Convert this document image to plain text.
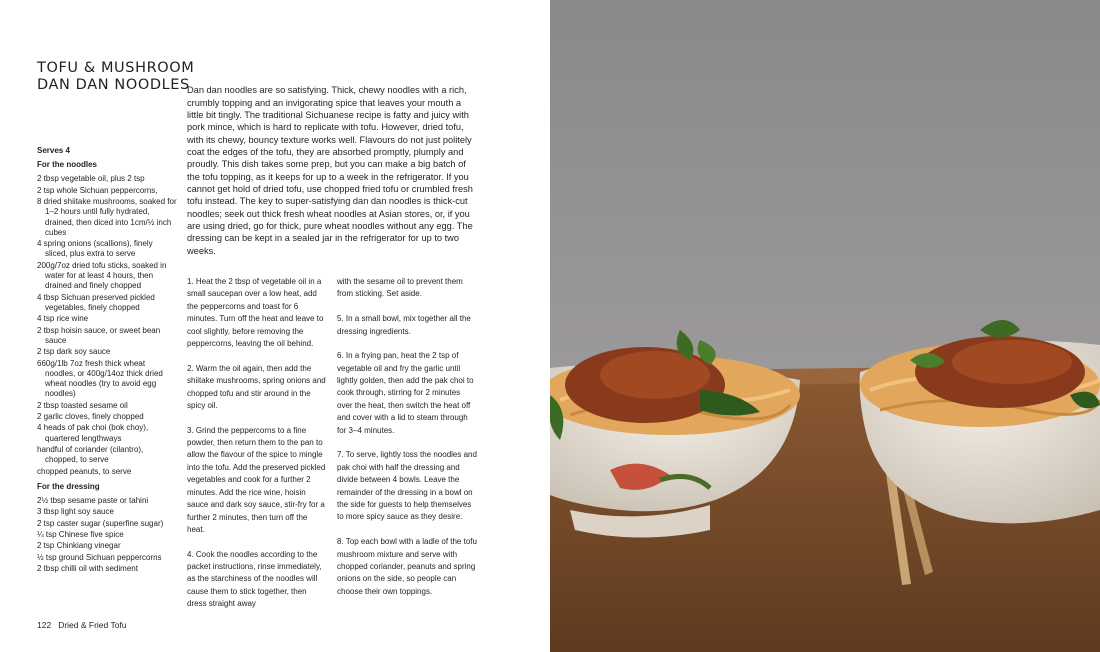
TOFU & MUSHROOM
DAN DAN NOODLES

Dan dan noodles are so satisfying. Thick, chewy noodles with a rich, crumbly topping and an invigorating spice that leaves your mouth a little bit tingly. The traditional Sichuanese recipe is fatty and juicy with pork mince, which is hard to replicate with tofu. However, dried tofu, with its chewy, bouncy texture works well. Flavours do not just politely coat the edges of the tofu, they are absorbed promptly, plumply and proudly. This dish takes some prep, but you can make a big batch of the tofu topping, as it keeps for up to a week in the refrigerator. If you cannot get hold of dried tofu, use chopped fried tofu or crumbled fresh tofu instead. The key to super-satisfying dan dan noodles is thick-cut noodles; seek out thick fresh wheat noodles at Asian stores, or, if you are using dried, go for thick, pure wheat noodles without any egg. The dressing can be kept in a sealed jar in the refrigerator for up to two weeks.

Serves 4
For the noodles
2 tbsp vegetable oil, plus 2 tsp
2 tsp whole Sichuan peppercorns,
8 dried shiitake mushrooms, soaked for 1–2 hours until fully hydrated, drained, then diced into 1cm/½ inch cubes
4 spring onions (scallions), finely sliced, plus extra to serve
200g/7oz dried tofu sticks, soaked in water for at least 4 hours, then drained and finely chopped
4 tbsp Sichuan preserved pickled vegetables, finely chopped
4 tsp rice wine
2 tbsp hoisin sauce, or sweet bean sauce
2 tsp dark soy sauce
660g/1lb 7oz fresh thick wheat noodles, or 400g/14oz thick dried wheat noodles (try to avoid egg noodles)
2 tbsp toasted sesame oil
2 garlic cloves, finely chopped
4 heads of pak choi (bok choy), quartered lengthways
handful of coriander (cilantro), chopped, to serve
chopped peanuts, to serve
For the dressing
2½ tbsp sesame paste or tahini
3 tbsp light soy sauce
2 tsp caster sugar (superfine sugar)
¼ tsp Chinese five spice
2 tsp Chinkiang vinegar
½ tsp ground Sichuan peppercorns
2 tbsp chilli oil with sediment

1. Heat the 2 tbsp of vegetable oil in a small saucepan over a low heat, add the peppercorns and toast for 6 minutes. Turn off the heat and leave to cool slightly, before removing the peppercorns, leaving the oil behind.

2. Warm the oil again, then add the shiitake mushrooms, spring onions and chopped tofu and stir around in the spicy oil.

3. Grind the peppercorns to a fine powder, then return them to the pan to allow the flavour of the spice to mingle into the tofu. Add the preserved pickled vegetables and cook for a further 2 minutes. Add the rice wine, hoisin sauce and dark soy sauce, stir-fry for a further 2 minutes, then turn off the heat.

4. Cook the noodles according to the packet instructions, rinse immediately, as the starchiness of the noodles will cause them to stick together, then dress straight away

with the sesame oil to prevent them from sticking. Set aside.

5. In a small bowl, mix together all the dressing ingredients.

6. In a frying pan, heat the 2 tsp of vegetable oil and fry the garlic until lightly golden, then add the pak choi to cook through, stirring for 2 minutes over the heat, then switch the heat off and cover with a lid to steam through for 3–4 minutes.

7. To serve, lightly toss the noodles and pak choi with half the dressing and divide between 4 bowls. Leave the remainder of the dressing in a bowl on the side for guests to help themselves to more spicy sauce as they desire.

8. Top each bowl with a ladle of the tofu mushroom mixture and serve with chopped coriander, peanuts and spring onions on the side, so people can choose their own toppings.

122 Dried & Fried Tofu
